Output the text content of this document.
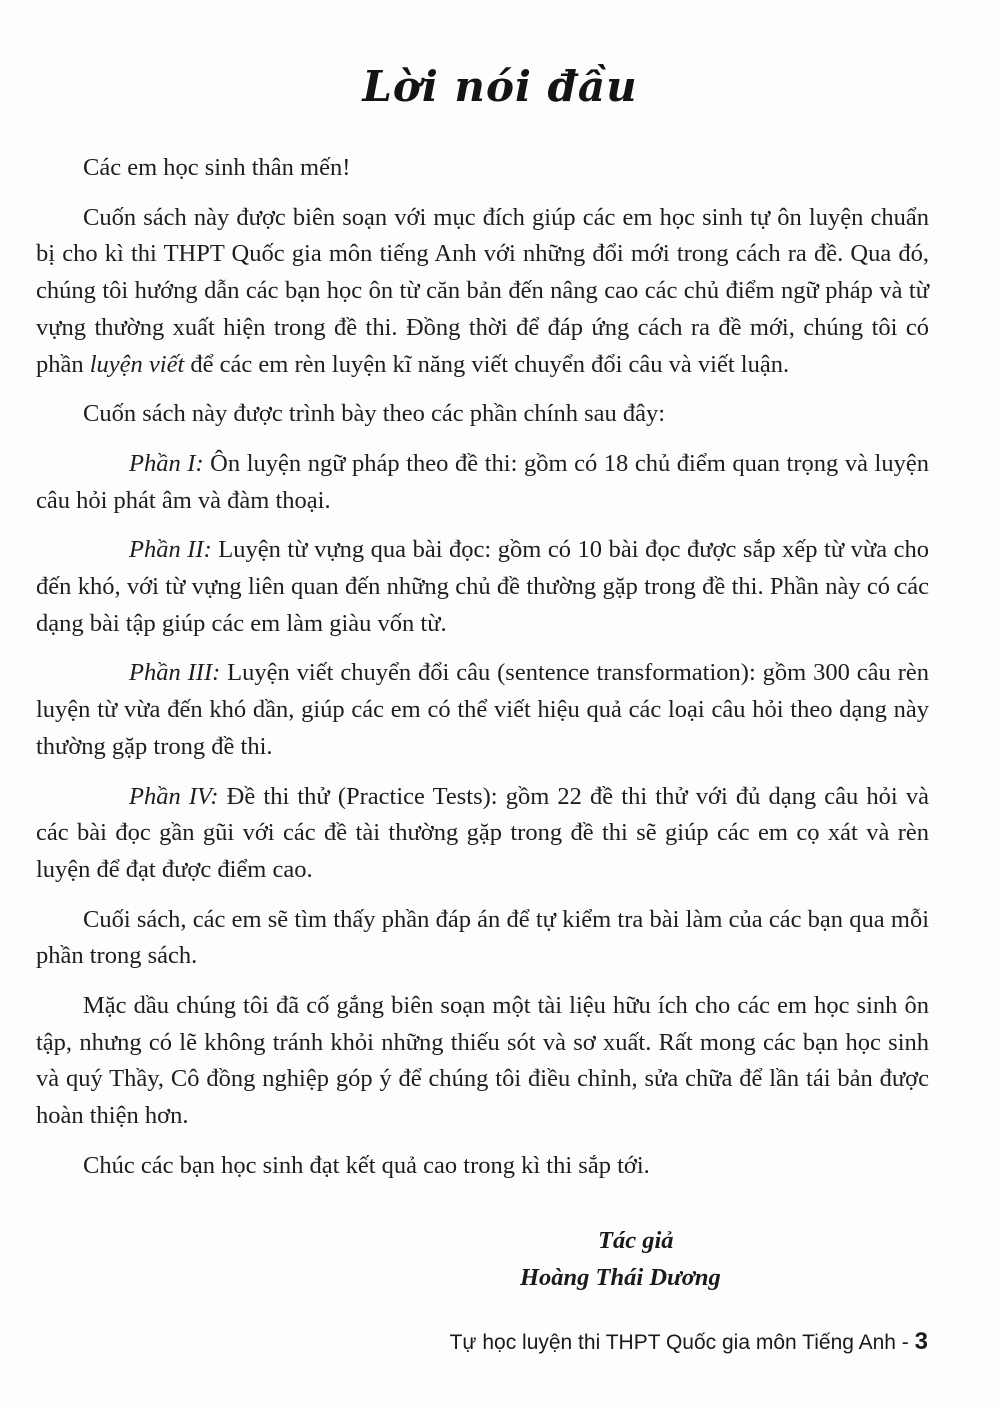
Lời nói đầu

Các em học sinh thân mến!

Cuốn sách này được biên soạn với mục đích giúp các em học sinh tự ôn luyện chuẩn bị cho kì thi THPT Quốc gia môn tiếng Anh với những đổi mới trong cách ra đề. Qua đó, chúng tôi hướng dẫn các bạn học ôn từ căn bản đến nâng cao các chủ điểm ngữ pháp và từ vựng thường xuất hiện trong đề thi. Đồng thời để đáp ứng cách ra đề mới, chúng tôi có phần luyện viết để các em rèn luyện kĩ năng viết chuyển đổi câu và viết luận.

Cuốn sách này được trình bày theo các phần chính sau đây:

Phần I: Ôn luyện ngữ pháp theo đề thi: gồm có 18 chủ điểm quan trọng và luyện câu hỏi phát âm và đàm thoại.

Phần II: Luyện từ vựng qua bài đọc: gồm có 10 bài đọc được sắp xếp từ vừa cho đến khó, với từ vựng liên quan đến những chủ đề thường gặp trong đề thi. Phần này có các dạng bài tập giúp các em làm giàu vốn từ.

Phần III: Luyện viết chuyển đổi câu (sentence transformation): gồm 300 câu rèn luyện từ vừa đến khó dần, giúp các em có thể viết hiệu quả các loại câu hỏi theo dạng này thường gặp trong đề thi.

Phần IV: Đề thi thử (Practice Tests): gồm 22 đề thi thử với đủ dạng câu hỏi và các bài đọc gần gũi với các đề tài thường gặp trong đề thi sẽ giúp các em cọ xát và rèn luyện để đạt được điểm cao.

Cuối sách, các em sẽ tìm thấy phần đáp án để tự kiểm tra bài làm của các bạn qua mỗi phần trong sách.

Mặc dầu chúng tôi đã cố gắng biên soạn một tài liệu hữu ích cho các em học sinh ôn tập, nhưng có lẽ không tránh khỏi những thiếu sót và sơ xuất. Rất mong các bạn học sinh và quý Thầy, Cô đồng nghiệp góp ý để chúng tôi điều chỉnh, sửa chữa để lần tái bản được hoàn thiện hơn.

Chúc các bạn học sinh đạt kết quả cao trong kì thi sắp tới.

Tác giả
Hoàng Thái Dương
Tự học luyện thi THPT Quốc gia môn Tiếng Anh - 3
